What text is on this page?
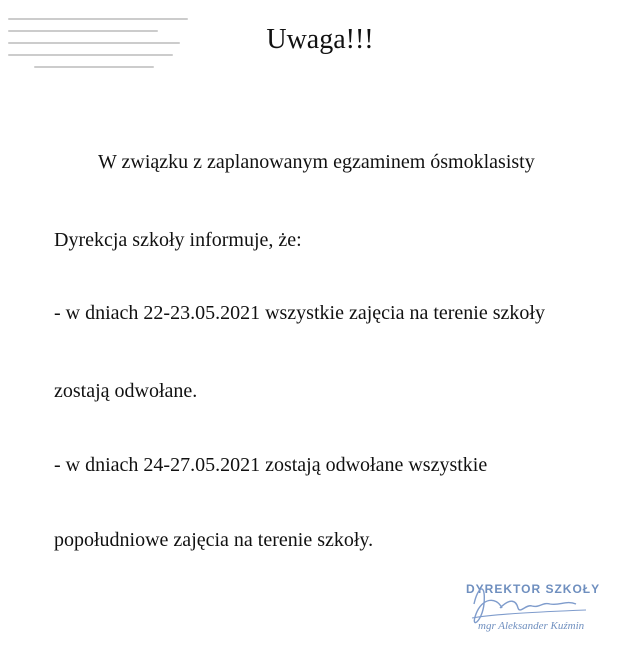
Uwaga!!!

W związku z zaplanowanym egzaminem ósmoklasisty

Dyrekcja szkoły informuje, że:

- w dniach 22-23.05.2021 wszystkie zajęcia na terenie szkoły

zostają odwołane.

- w dniach 24-27.05.2021 zostają odwołane wszystkie

popołudniowe zajęcia na terenie szkoły.

DYREKTOR SZKOŁY
mgr Aleksander Kuźmin
